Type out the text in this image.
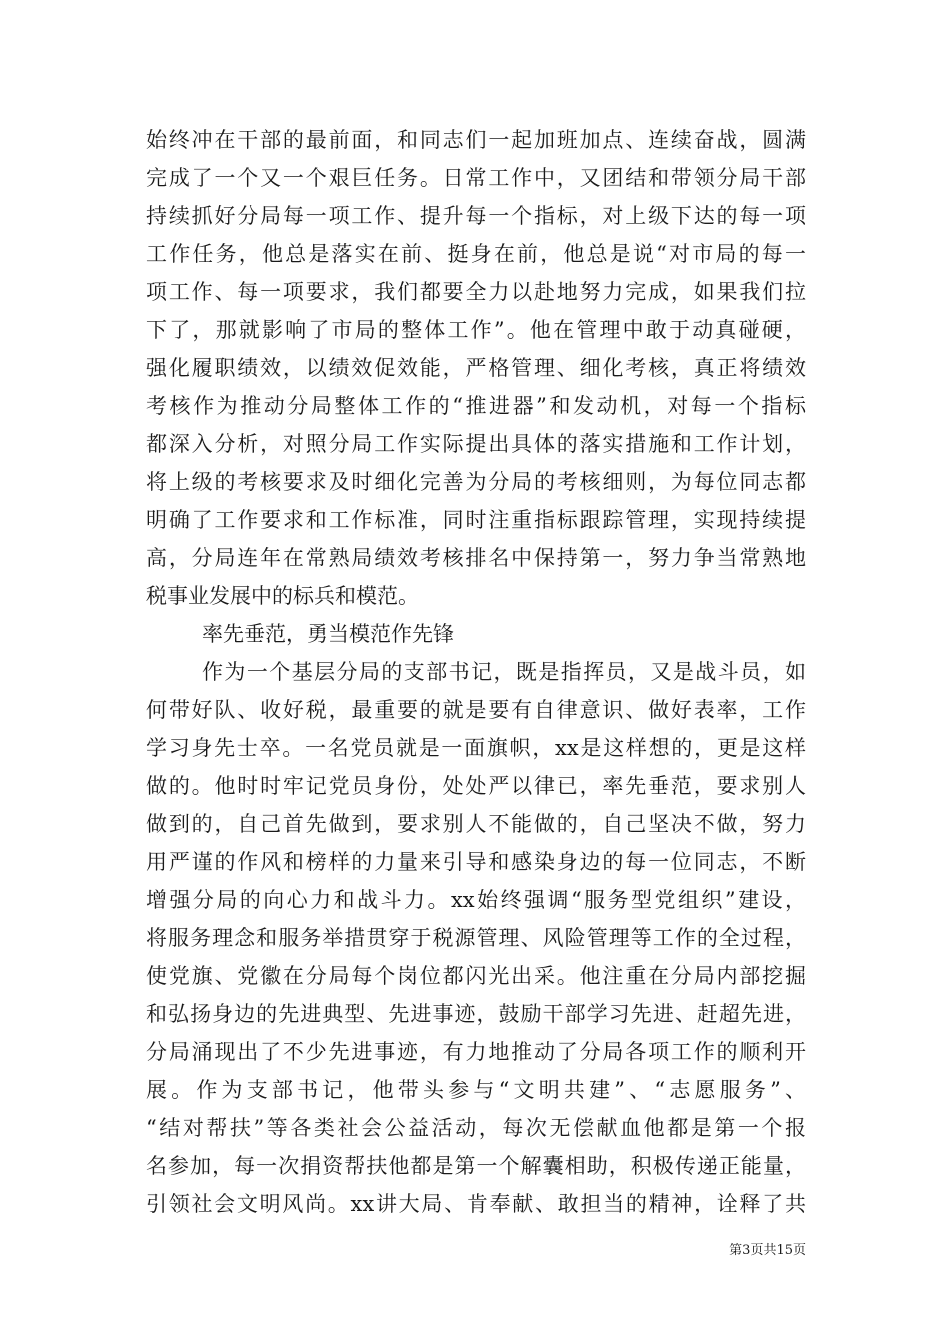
始终冲在干部的最前面，和同志们一起加班加点、连续奋战，圆满
完成了一个又一个艰巨任务。日常工作中，又团结和带领分局干部
持续抓好分局每一项工作、提升每一个指标，对上级下达的每一项
工作任务，他总是落实在前、挺身在前，他总是说“对市局的每一
项工作、每一项要求，我们都要全力以赴地努力完成，如果我们拉
下了，那就影响了市局的整体工作”。他在管理中敢于动真碰硬，
强化履职绩效，以绩效促效能，严格管理、细化考核，真正将绩效
考核作为推动分局整体工作的“推进器”和发动机，对每一个指标
都深入分析，对照分局工作实际提出具体的落实措施和工作计划，
将上级的考核要求及时细化完善为分局的考核细则，为每位同志都
明确了工作要求和工作标准，同时注重指标跟踪管理，实现持续提
高，分局连年在常熟局绩效考核排名中保持第一，努力争当常熟地
税事业发展中的标兵和模范。
率先垂范，勇当模范作先锋
作为一个基层分局的支部书记，既是指挥员，又是战斗员，如
何带好队、收好税，最重要的就是要有自律意识、做好表率，工作
学习身先士卒。一名党员就是一面旗帜，xx是这样想的，更是这样
做的。他时时牢记党员身份，处处严以律已，率先垂范，要求别人
做到的，自己首先做到，要求别人不能做的，自己坚决不做，努力
用严谨的作风和榜样的力量来引导和感染身边的每一位同志，不断
增强分局的向心力和战斗力。xx始终强调“服务型党组织”建设，
将服务理念和服务举措贯穿于税源管理、风险管理等工作的全过程，
使党旗、党徽在分局每个岗位都闪光出采。他注重在分局内部挖掘
和弘扬身边的先进典型、先进事迹，鼓励干部学习先进、赶超先进，
分局涌现出了不少先进事迹，有力地推动了分局各项工作的顺利开
展。作为支部书记，他带头参与“文明共建”、“志愿服务”、
“结对帮扶”等各类社会公益活动，每次无偿献血他都是第一个报
名参加，每一次捐资帮扶他都是第一个解囊相助，积极传递正能量，
引领社会文明风尚。xx讲大局、肯奉献、敢担当的精神，诠释了共
第3页共15页
